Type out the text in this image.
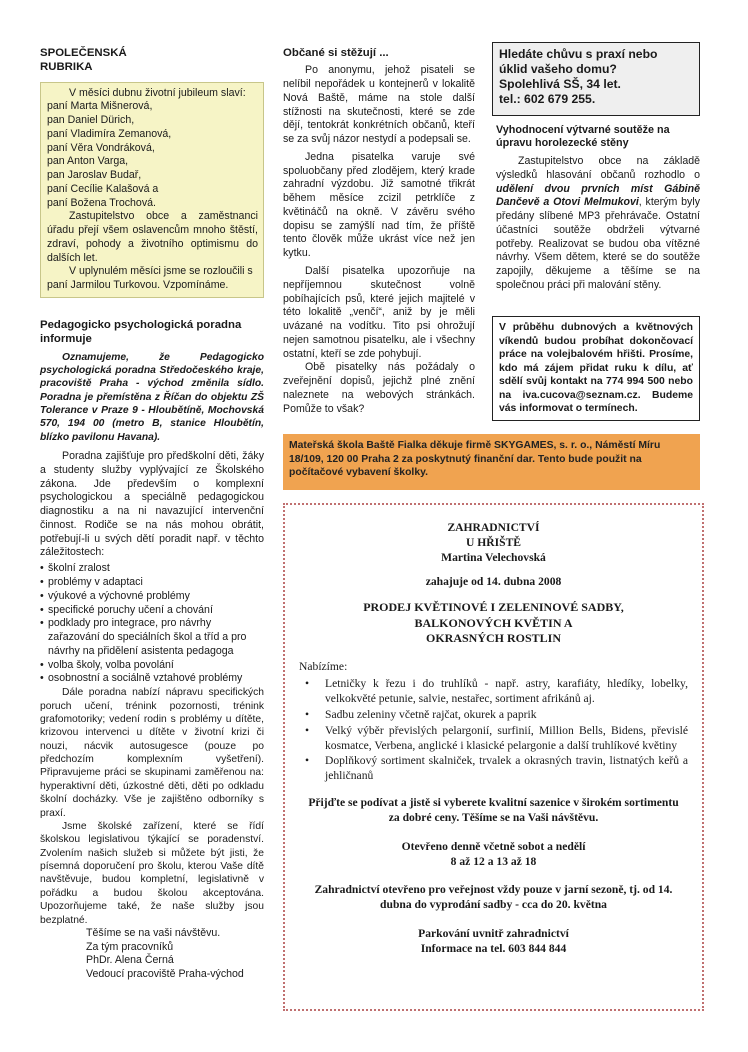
SPOLEČENSKÁ RUBRIKA

V měsíci dubnu životní jubileum slaví:

paní Marta Mišnerová,
pan Daniel Dürich,
paní Vladimíra Zemanová,
paní Věra Vondráková,
pan Anton Varga,
pan Jaroslav Budař,
paní Cecílie Kalašová a
paní Božena Trochová.

Zastupitelstvo obce a zaměstnanci úřadu přejí všem oslavencům mnoho štěstí, zdraví, pohody a životního optimismu do dalších let.

V uplynulém měsíci jsme se rozloučili s paní Jarmilou Turkovou. Vzpomínáme.

Pedagogicko psychologická poradna informuje

Oznamujeme, že Pedagogicko psychologická poradna Středočeského kraje, pracoviště Praha - východ změnila sídlo. Poradna je přemístěna z Říčan do objektu ZŠ Tolerance v Praze 9 - Hloubětíně, Mochovská 570, 194 00 (metro B, stanice Hloubětín, blízko pavilonu Havana).

Poradna zajišťuje pro předškolní děti, žáky a studenty služby vyplývající ze Školského zákona. Jde především o komplexní psychologickou a speciálně pedagogickou diagnostiku a na ni navazující intervenční činnost. Rodiče se na nás mohou obrátit, potřebují-li u svých dětí poradit např. v těchto záležitostech:

• školní zralost
• problémy v adaptaci
• výukové a výchovné problémy
• specifické poruchy učení a chování
• podklady pro integrace, pro návrhy zařazování do speciálních škol a tříd a pro návrhy na přidělení asistenta pedagoga
• volba školy, volba povolání
• osobnostní a sociálně vztahové problémy

Dále poradna nabízí nápravu specifických poruch učení, trénink pozornosti, trénink grafomotoriky; vedení rodin s problémy u dítěte, krizovou intervenci u dítěte v životní krizi či nouzi, nácvik autosugesce (pouze po předchozím komplexním vyšetření). Připravujeme práci se skupinami zaměřenou na: hyperaktivní děti, úzkostné děti, děti po odkladu školní docházky. Vše je zajištěno odborníky s praxí.

Jsme školské zařízení, které se řídí školskou legislativou týkající se poradenství. Zvolením našich služeb si můžete být jisti, že písemná doporučení pro školu, kterou Vaše dítě navštěvuje, budou kompletní, legislativně v pořádku a budou školou akceptována. Upozorňujeme také, že naše služby jsou bezplatné.

Těšíme se na vaši návštěvu.
Za tým pracovníků
PhDr. Alena Černá
Vedoucí pracoviště Praha-východ
Občané si stěžují ...

Po anonymu, jehož pisateli se nelíbil nepořádek u kontejnerů v lokalitě Nová Baště, máme na stole další stížnosti na skutečnosti, které se zde dějí, tentokrát konkrétních občanů, kteří se za svůj názor nestydí a podepsali se.

Jedna pisatelka varuje své spoluobčany před zlodějem, který krade zahradní výzdobu. Již samotné třikrát během měsíce zcizil petrklíče z květináčů na okně. V závěru svého dopisu se zamýšlí nad tím, že příště tento člověk může ukrást více než jen kytku.

Další pisatelka upozorňuje na nepříjemnou skutečnost volně pobíhajících psů, které jejich majitelé v této lokalitě „venčí“, aniž by je měli uvázané na vodítku. Tito psi ohrožují nejen samotnou pisatelku, ale i všechny ostatní, kteří se zde pohybují.

Obě pisatelky nás požádaly o zveřejnění dopisů, jejichž plné znění naleznete na webových stránkách. Pomůže to však?

Hledáte chůvu s praxí nebo
úklid vašeho domu?
Spolehlivá SŠ, 34 let.
tel.: 602 679 255.
Vyhodnocení výtvarné soutěže na úpravu horolezecké stěny

Zastupitelstvo obce na základě výsledků hlasování občanů rozhodlo o udělení dvou prvních míst Gábině Dančevě a Otovi Melmukovi, kterým byly předány slíbené MP3 přehrávače. Ostatní účastníci soutěže obdrželi výtvarné potřeby. Realizovat se budou oba vítězné návrhy. Všem dětem, které se do soutěže zapojily, děkujeme a těšíme se na společnou práci při malování stěny.

V průběhu dubnových a květnových víkendů budou probíhat dokončovací práce na volejbalovém hřišti. Prosíme, kdo má zájem přidat ruku k dílu, ať sdělí svůj kontakt na 774 994 500 nebo na iva.cucova@seznam.cz. Budeme vás informovat o termínech.

Mateřská škola Baště Fialka děkuje firmě SKYGAMES, s. r. o., Náměstí Míru 18/109, 120 00 Praha 2 za poskytnutý finanční dar. Tento bude použit na počítačové vybavení školky.

ZAHRADNICTVÍ
U HŘIŠTĚ
Martina Velechovská

zahajuje od 14. dubna 2008

PRODEJ KVĚTINOVÉ I ZELENINOVÉ SADBY,
BALKONOVÝCH KVĚTIN A
OKRASNÝCH ROSTLIN

Nabízíme:

• Letničky k řezu i do truhlíků - např. astry, karafiáty, hledíky, lobelky, velkokvěté petunie, salvie, nestařec, sortiment afrikánů aj.
• Sadbu zeleniny včetně rajčat, okurek a paprik
• Velký výběr převislých pelargonií, surfinií, Million Bells, Bidens, převislé kosmatce, Verbena, anglické i klasické pelargonie a další truhlíkové květiny
• Doplňkový sortiment skalniček, trvalek a okrasných travin, listnatých keřů a jehličnanů

Přijďte se podívat a jistě si vyberete kvalitní sazenice v širokém sortimentu za dobré ceny. Těšíme se na Vaši návštěvu.

Otevřeno denně včetně sobot a nedělí
8 až 12 a 13 až 18

Zahradnictví otevřeno pro veřejnost vždy pouze v jarní sezoně, tj. od 14. dubna do vyprodání sadby - cca do 20. května

Parkování uvnitř zahradnictví
Informace na tel. 603 844 844
